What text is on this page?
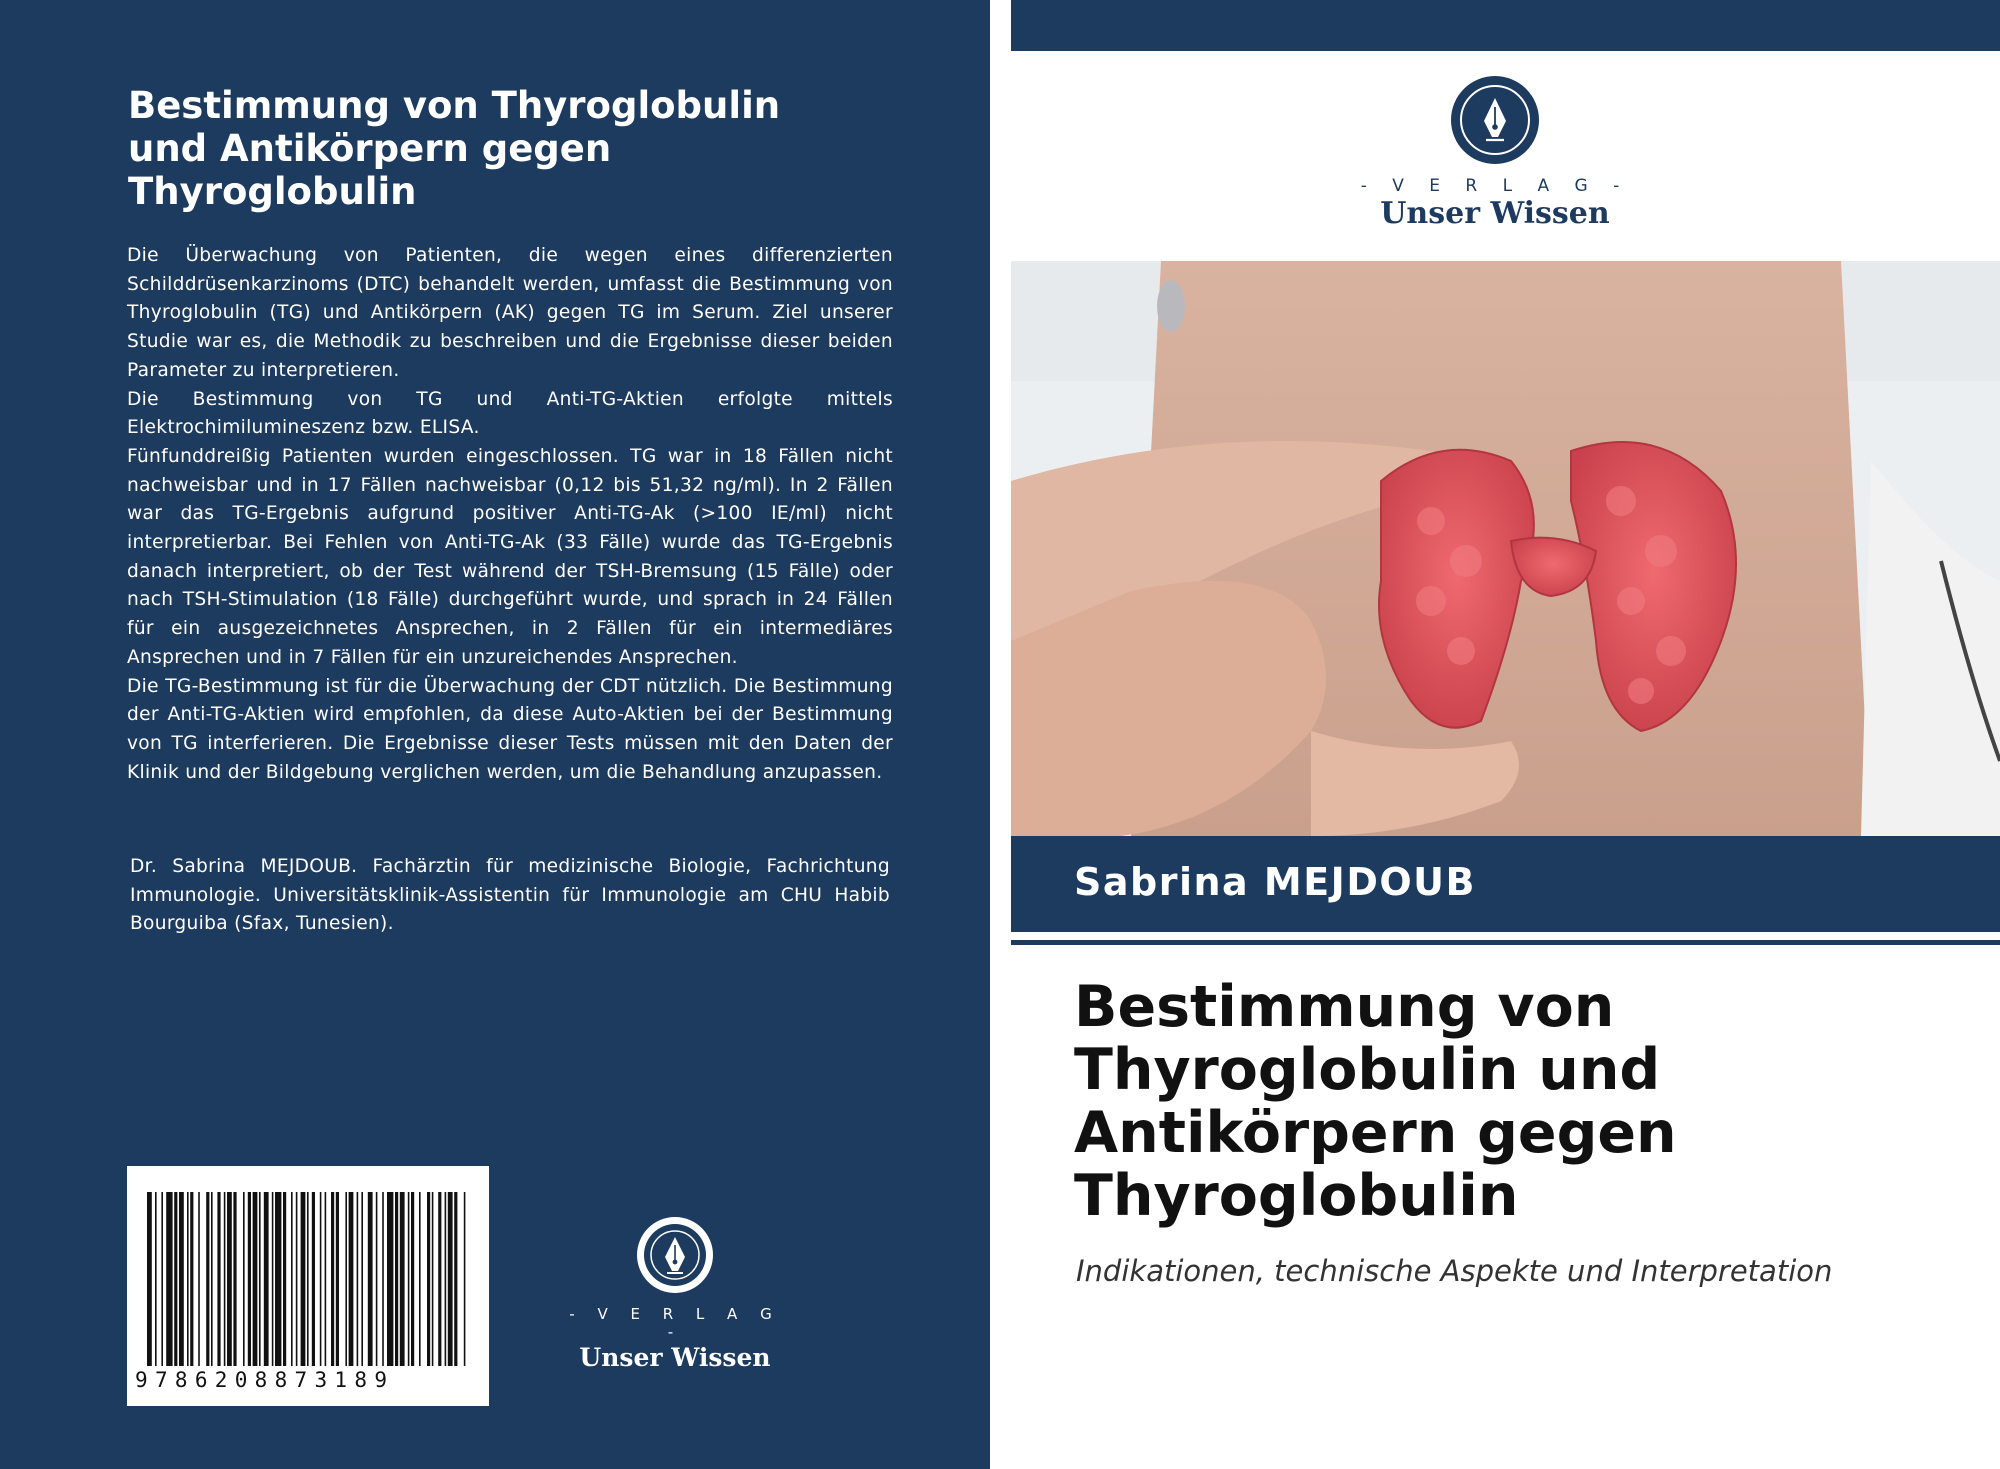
Bestimmung von Thyroglobulin und Antikörpern gegen Thyroglobulin

Die Überwachung von Patienten, die wegen eines differenzierten Schilddrüsenkarzinoms (DTC) behandelt werden, umfasst die Bestimmung von Thyroglobulin (TG) und Antikörpern (AK) gegen TG im Serum. Ziel unserer Studie war es, die Methodik zu beschreiben und die Ergebnisse dieser beiden Parameter zu interpretieren.

Die Bestimmung von TG und Anti-TG-Aktien erfolgte mittels Elektrochimilumineszenz bzw. ELISA.

Fünfunddreißig Patienten wurden eingeschlossen. TG war in 18 Fällen nicht nachweisbar und in 17 Fällen nachweisbar (0,12 bis 51,32 ng/ml). In 2 Fällen war das TG-Ergebnis aufgrund positiver Anti-TG-Ak (>100 IE/ml) nicht interpretierbar. Bei Fehlen von Anti-TG-Ak (33 Fälle) wurde das TG-Ergebnis danach interpretiert, ob der Test während der TSH-Bremsung (15 Fälle) oder nach TSH-Stimulation (18 Fälle) durchgeführt wurde, und sprach in 24 Fällen für ein ausgezeichnetes Ansprechen, in 2 Fällen für ein intermediäres Ansprechen und in 7 Fällen für ein unzureichendes Ansprechen.

Die TG-Bestimmung ist für die Überwachung der CDT nützlich. Die Bestimmung der Anti-TG-Aktien wird empfohlen, da diese Auto-Aktien bei der Bestimmung von TG interferieren. Die Ergebnisse dieser Tests müssen mit den Daten der Klinik und der Bildgebung verglichen werden, um die Behandlung anzupassen.

Dr. Sabrina MEJDOUB. Fachärztin für medizinische Biologie, Fachrichtung Immunologie. Universitätsklinik-Assistentin für Immunologie am CHU Habib Bourguiba (Sfax, Tunesien).

9786208873189
- V E R L A G -
Unser Wissen
- V E R L A G -
Unser Wissen

Sabrina MEJDOUB

Bestimmung von Thyroglobulin und Antikörpern gegen Thyroglobulin

Indikationen, technische Aspekte und Interpretation
